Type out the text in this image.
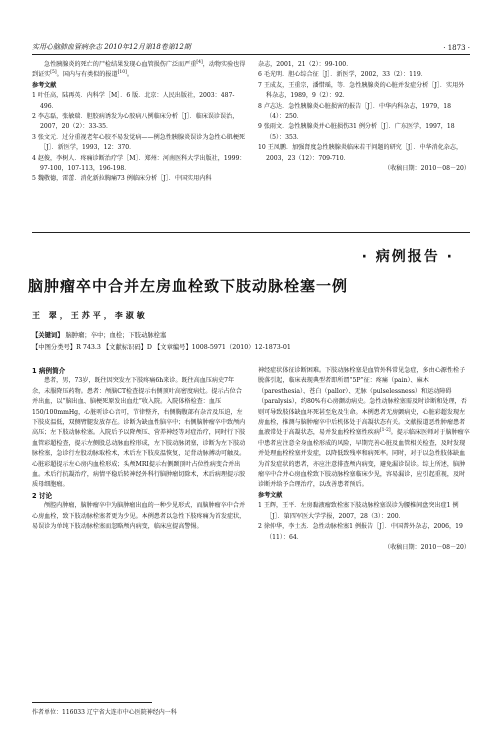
实用心脑肺血管病杂志 2010年12月第18卷第12期	· 1873 ·

急性胰腺炎的死亡的尸检结果发现心血管损伤广泛而严重[4]，动物实验也得到证实[5]。国内与有类似的报道[10]。

参考文献

1 叶任高，陆再英．内科学［M］．6 版．北京：人民出版社，2003：487-496．

2 李志磊，张敏瑞．胆胶病诱发为心胶病八例临床分析［J］．临床误诊误治，2007，20（2）：33-35．

3 张文元．过分重视老年心胶不易发觉病——例急性胰腺炎误诊为急性心肌梗死［J］．新医学，1993，12：370．

4 赵俊，李树人．疼痛诊断治疗学［M］．郑州：河南医科大学出版社，1999：97-100，107-113，196-198．

5 魏敬德，雷蕾．消化新拉胸痛73 例临床分析［J］．中国实用内科

杂志，2001，21（2）：99-100．

6 毛光明．胆心综合征［J］．新医学，2002，33（2）：119．

7 王成友，王重宗，潘惜瑶，等．急性胰腺炎的心脏并发症分析［J］．实用外科杂志，1989，9（2）：92．

8 卢志达．急性胰腺炎心脏损害的报告［J］．中华内科杂志，1979，18（4）：250．

9 张雨文．急性胰腺炎并心脏损伤31 例分析［J］．广东医学，1997，18（5）：353．

10 王凤鹏．加强肾度急性胰腺炎临床若干问题的研究［J］．中华消化杂志，2003，23（12）：709-710．

（收稿日期：2010－08－20）

· 病例报告 ·
脑肿瘤卒中合并左房血栓致下肢动脉栓塞一例
王 翠，王苏平，李淑敏
【关键词】 脑肿瘤；卒中；血栓；下肢动脉栓塞
【中图分类号】R 743.3 【文献标识码】D 【文章编号】1008-5971（2010）12-1873-01

1 病例简介

患者，男，73岁，既往因突发左下肢疼痛6h来诊。既往高血压病史7年余，未服降压药物。患者：颅脑CT检查提示右侧顶叶高密度病灶。提示占位合并出血，以“脑出血、脑梗死原发出血灶”收入院。入院体格检查：血压150/100mmHg，心脏听诊心音可，节律整齐，右侧胸腹部有杂音及压迫，左下肢皮温低，双侧臂腿发放存在。诊断为缺血性脑卒中；右侧脑肿瘤卒中致颅内高压；左下肢动脉栓塞。入院后予以降颅压、营养神经等对症治疗，同时行下肢血管彩超检查，提示左侧股总动脉血栓形成，左下肢动脉闭塞，诊断为左下肢动脉栓塞，急诊行左股动脉取栓术，术后左下肢皮温恢复，足背动脉搏动可触及。心脏彩超提示左心房内血栓形成；头颅MRI提示右侧颞顶叶占位性病变合并出血。术后行抗凝治疗，病情平稳后转神经外科行脑肿瘤切除术，术后病理提示胶质母细胞瘤。

2 讨论

颅腔内肿瘤，脑肿瘤卒中为脑肿瘤出血的一种少见形式，而脑肿瘤卒中合并心房血栓，致下肢动脉栓塞者更为少见。本例患者以急性下肢疼痛为首发症状，易误诊为单纯下肢动脉栓塞而忽略颅内病变，临床应提高警惕。

神经症状体征诊断困难。下肢动脉栓塞是血管外科常见急症，多由心源性栓子脱落引起，临床表现典型者即所谓“5P”征：疼痛（pain）、麻木（paresthesia）、苍白（pallor）、无脉（pulselessness）和运动障碍（paralysis），约80%有心房颤动病史。急性动脉栓塞需及时诊断和处理，否则可导致肢体缺血坏死甚至危及生命。本例患者无房颤病史，心脏彩超发现左房血栓，推测与脑肿瘤卒中后机体处于高凝状态有关。文献报道恶性肿瘤患者血液常处于高凝状态，易并发血栓栓塞性疾病[1-2]。提示临床医师对于脑肿瘤卒中患者应注意全身血栓形成的风险，早期完善心脏及血管相关检查，及时发现并处理血栓栓塞并发症，以降低致残率和病死率。同时，对于以急性肢体缺血为首发症状的患者，亦应注意排查颅内病变，避免漏诊误诊。综上所述，脑肿瘤卒中合并心房血栓致下肢动脉栓塞临床少见，容易漏诊，应引起重视，及时诊断并给予合理治疗，以改善患者预后。

参考文献

1 王辉，王平．左房黏液瘤致栓塞下肢动脉栓塞误诊为腰椎间盘突出症1 例［J］．第四军医大学学报，2007，28（3）：200．

2 徐仲华，李士杰．急性动脉栓塞1 例报告［J］．中国普外杂志，2006，19（11）：64．

（收稿日期：2010－08－20）

作者单位：116033 辽宁省大连市中心医院神经内一科
